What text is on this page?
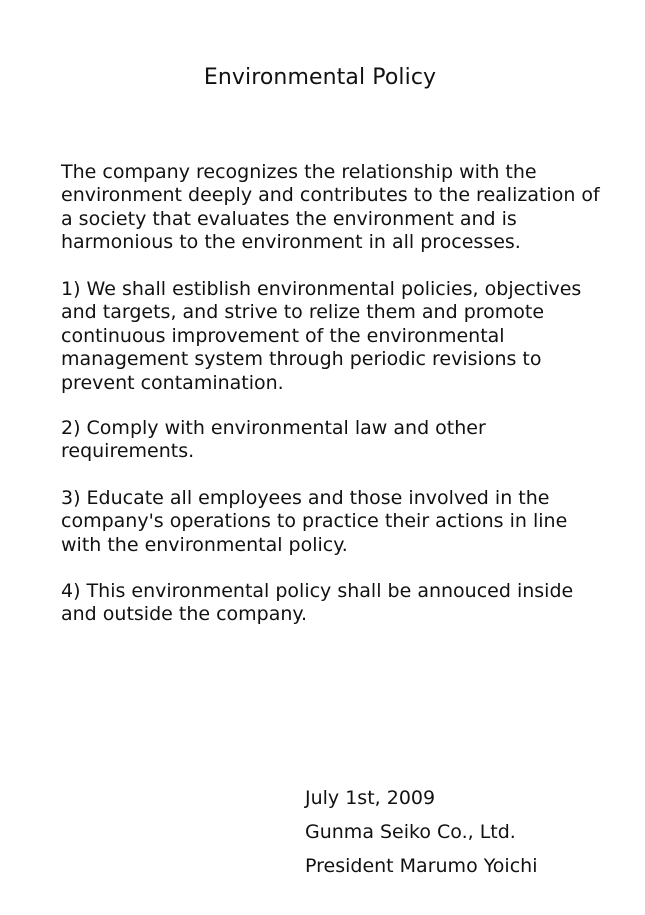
Environmental Policy

The company recognizes the relationship with the environment deeply and contributes to the realization of a society that evaluates the environment and is harmonious to the environment in all processes.

1) We shall estiblish environmental policies, objectives and targets, and strive to relize them and promote continuous improvement of the environmental management system through periodic revisions to prevent contamination.

2) Comply with environmental law and other requirements.

3) Educate all employees and those involved in the company's operations to practice their actions in line with the environmental policy.

4) This environmental policy shall be annouced inside and outside the company.

July 1st, 2009

Gunma Seiko Co., Ltd.

President Marumo Yoichi
